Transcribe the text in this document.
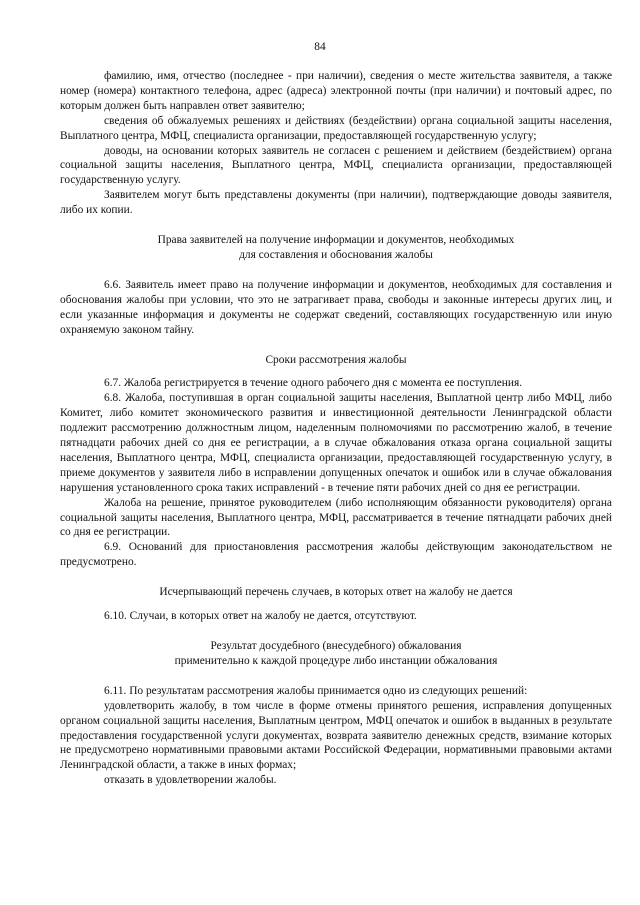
84

фамилию, имя, отчество (последнее - при наличии), сведения о месте жительства заявителя, а также номер (номера) контактного телефона, адрес (адреса) электронной почты (при наличии) и почтовый адрес, по которым должен быть направлен ответ заявителю;

сведения об обжалуемых решениях и действиях (бездействии) органа социальной защиты населения, Выплатного центра, МФЦ, специалиста организации, предоставляющей государственную услугу;

доводы, на основании которых заявитель не согласен с решением и действием (бездействием) органа социальной защиты населения, Выплатного центра, МФЦ, специалиста организации, предоставляющей государственную услугу.

Заявителем могут быть представлены документы (при наличии), подтверждающие доводы заявителя, либо их копии.

Права заявителей на получение информации и документов, необходимых

для составления и обоснования жалобы

6.6. Заявитель имеет право на получение информации и документов, необходимых для составления и обоснования жалобы при условии, что это не затрагивает права, свободы и законные интересы других лиц, и если указанные информация и документы не содержат сведений, составляющих государственную или иную охраняемую законом тайну.

Сроки рассмотрения жалобы

6.7. Жалоба регистрируется в течение одного рабочего дня с момента ее поступления.

6.8. Жалоба, поступившая в орган социальной защиты населения, Выплатной центр либо МФЦ, либо Комитет, либо комитет экономического развития и инвестиционной деятельности Ленинградской области подлежит рассмотрению должностным лицом, наделенным полномочиями по рассмотрению жалоб, в течение пятнадцати рабочих дней со дня ее регистрации, а в случае обжалования отказа органа социальной защиты населения, Выплатного центра, МФЦ, специалиста организации, предоставляющей государственную услугу, в приеме документов у заявителя либо в исправлении допущенных опечаток и ошибок или в случае обжалования нарушения установленного срока таких исправлений - в течение пяти рабочих дней со дня ее регистрации.

Жалоба на решение, принятое руководителем (либо исполняющим обязанности руководителя) органа социальной защиты населения, Выплатного центра, МФЦ, рассматривается в течение пятнадцати рабочих дней со дня ее регистрации.

6.9. Оснований для приостановления рассмотрения жалобы действующим законодательством не предусмотрено.

Исчерпывающий перечень случаев, в которых ответ на жалобу не дается

6.10. Случаи, в которых ответ на жалобу не дается, отсутствуют.

Результат досудебного (внесудебного) обжалования

применительно к каждой процедуре либо инстанции обжалования

6.11. По результатам рассмотрения жалобы принимается одно из следующих решений:

удовлетворить жалобу, в том числе в форме отмены принятого решения, исправления допущенных органом социальной защиты населения, Выплатным центром, МФЦ опечаток и ошибок в выданных в результате предоставления государственной услуги документах, возврата заявителю денежных средств, взимание которых не предусмотрено нормативными правовыми актами Российской Федерации, нормативными правовыми актами Ленинградской области, а также в иных формах;

отказать в удовлетворении жалобы.
